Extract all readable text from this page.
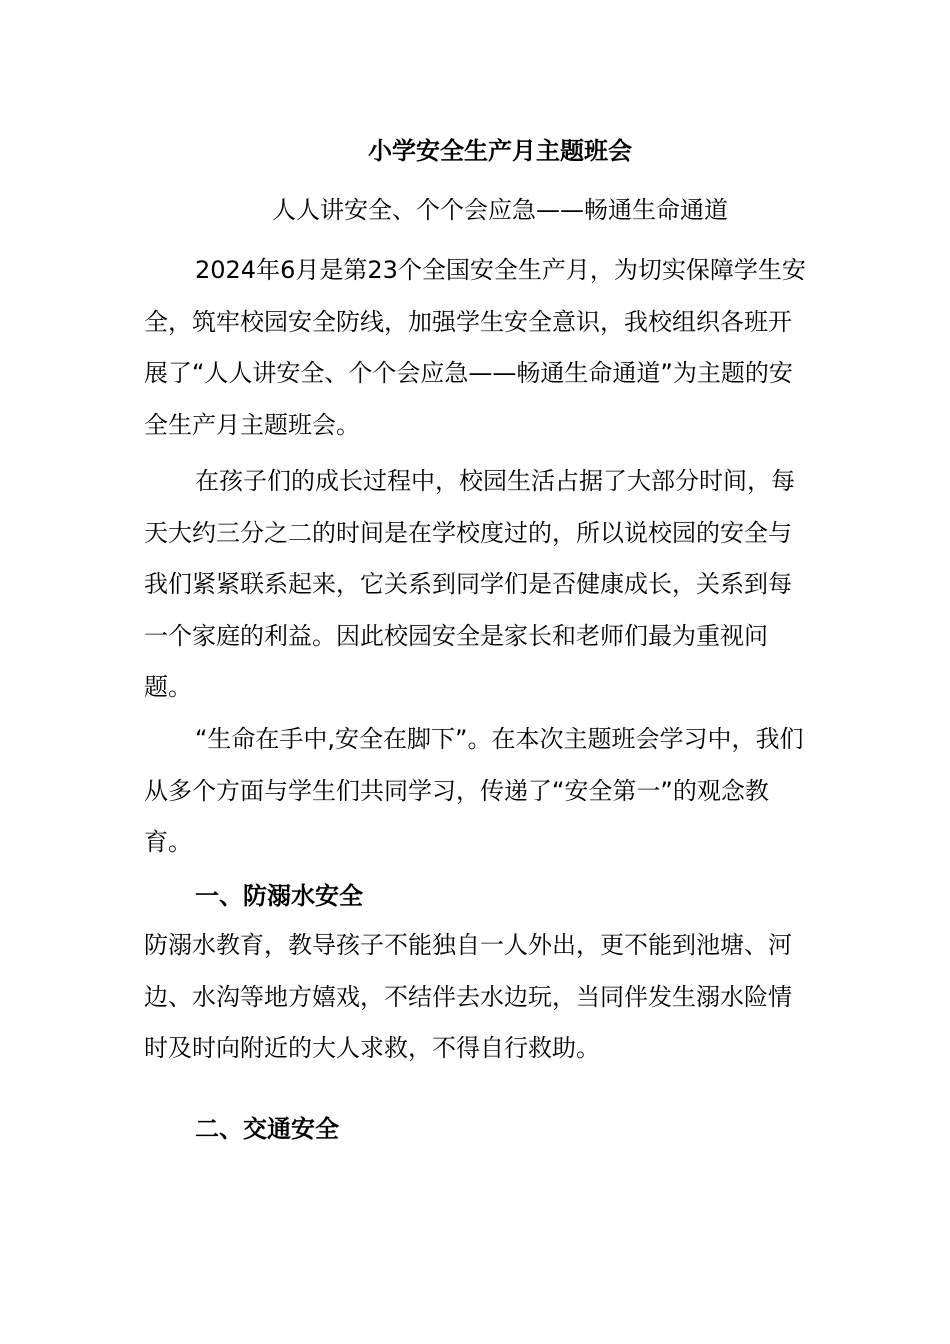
小学安全生产月主题班会
人人讲安全、个个会应急——畅通生命通道

2024年6月是第23个全国安全生产月，为切实保障学生安全，筑牢校园安全防线，加强学生安全意识，我校组织各班开展了“人人讲安全、个个会应急——畅通生命通道”为主题的安全生产月主题班会。

在孩子们的成长过程中，校园生活占据了大部分时间，每天大约三分之二的时间是在学校度过的，所以说校园的安全与我们紧紧联系起来，它关系到同学们是否健康成长，关系到每一个家庭的利益。因此校园安全是家长和老师们最为重视问题。

“生命在手中,安全在脚下”。在本次主题班会学习中，我们从多个方面与学生们共同学习，传递了“安全第一”的观念教育。

一、防溺水安全

防溺水教育，教导孩子不能独自一人外出，更不能到池塘、河边、水沟等地方嬉戏，不结伴去水边玩，当同伴发生溺水险情时及时向附近的大人求救，不得自行救助。

二、交通安全
